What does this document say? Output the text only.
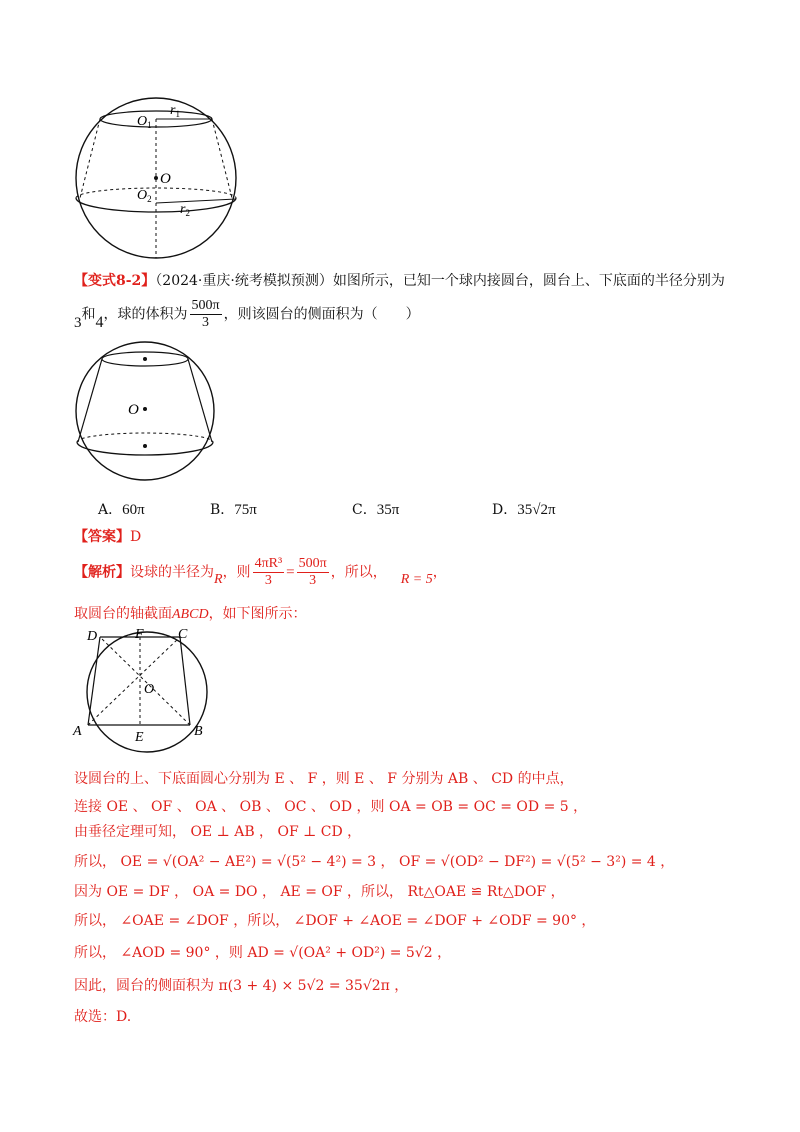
$r_1$
$O_1$
O
$O_2$
$r_2$
【变式8-2】（2024·重庆·统考模拟预测）如图所示，已知一个球内接圆台，圆台上、下底面的半径分别为
3和4，球的体积为 $\frac{500\pi}{3}$ ，则该圆台的侧面积为（　　）
O
A．60π	B．75π	C．35π	D．35√2π
【答案】D
【解析】设球的半径为R，则 $\frac{\text{4πR³}}{3} = \frac{500\pi}{3}$ ，所以， R = 5，
取圆台的轴截面ABCD，如下图所示：
D	F C
O
A	E	B
设圆台的上、下底面圆心分别为 E 、 F ，则 E 、 F 分别为 AB 、 CD 的中点，
连接 OE 、 OF 、 OA 、 OB 、 OC 、 OD ，则 OA = OB = OC = OD = 5 ，
由垂径定理可知， OE ⊥ AB ， OF ⊥ CD ，
所以， OE = √(OA² − AE²) = √(5² − 4²) = 3 ， OF = √(OD² − DF²) = √(5² − 3²) = 4 ，
因为 OE = DF ， OA = DO ， AE = OF ，所以， Rt△OAE ≌ Rt△DOF ，
所以， ∠OAE = ∠DOF ，所以， ∠DOF + ∠AOE = ∠DOF + ∠ODF = 90° ，
所以， ∠AOD = 90° ，则 AD = √(OA² + OD²) = 5√2 ，
因此，圆台的侧面积为 π(3 + 4) × 5√2 = 35√2π ，
故选：D.
